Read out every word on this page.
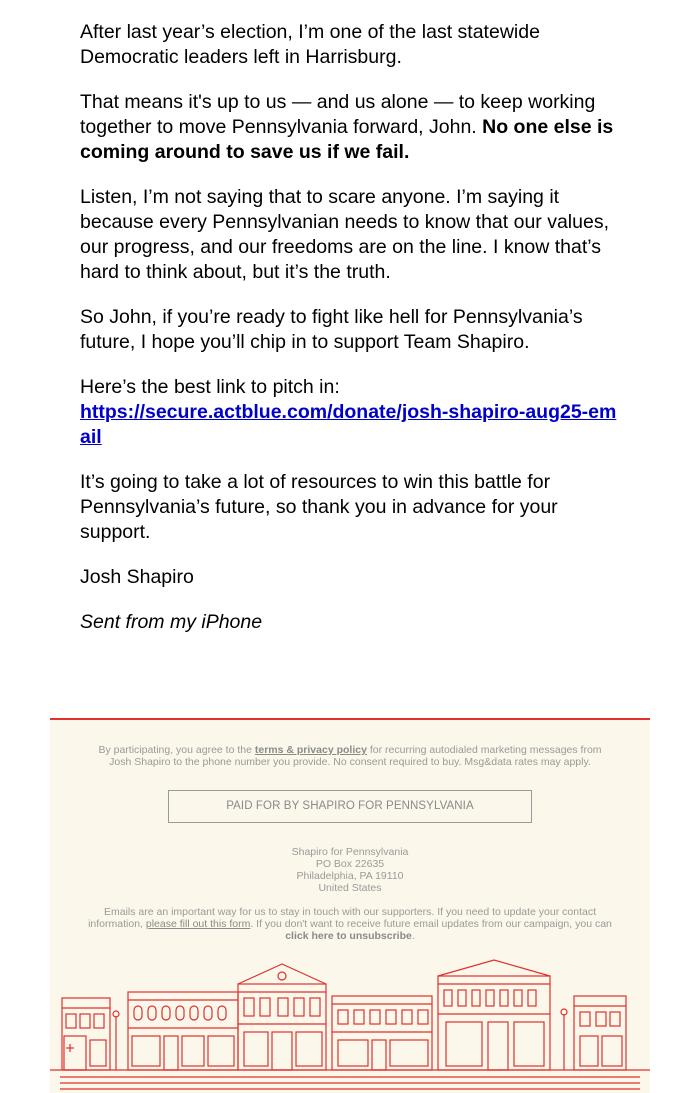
After last year’s election, I’m one of the last statewide Democratic leaders left in Harrisburg.

That means it's up to us — and us alone — to keep working together to move Pennsylvania forward, John. No one else is coming around to save us if we fail.

Listen, I’m not saying that to scare anyone. I’m saying it because every Pennsylvanian needs to know that our values, our progress, and our freedoms are on the line. I know that’s hard to think about, but it’s the truth.

So John, if you’re ready to fight like hell for Pennsylvania’s future, I hope you’ll chip in to support Team Shapiro.

Here’s the best link to pitch in:
https://secure.actblue.com/donate/josh-shapiro-aug25-email

It’s going to take a lot of resources to win this battle for Pennsylvania’s future, so thank you in advance for your support.

Josh Shapiro

Sent from my iPhone

By participating, you agree to the terms & privacy policy for recurring autodialed marketing messages from Josh Shapiro to the phone number you provide. No consent required to buy. Msg&data rates may apply.
PAID FOR BY SHAPIRO FOR PENNSYLVANIA
Shapiro for Pennsylvania
PO Box 22635
Philadelphia, PA 19110
United States
Emails are an important way for us to stay in touch with our supporters. If you need to update your contact information, please fill out this form. If you don't want to receive future email updates from our campaign, you can click here to unsubscribe.
